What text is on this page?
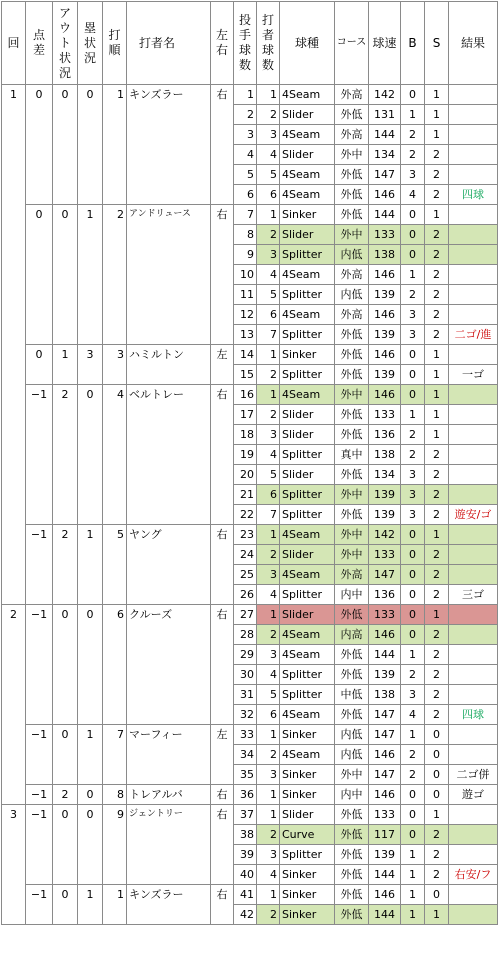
回	点差	アウト状況	塁状況	打順	打者名	左右	投手球数	打者球数	球種	コース	球速	B	S	結果
1	0	0	0	1	キンズラー	右	1	1	4Seam	外高	142	0	1	
							2	2	Slider	外低	131	1	1	
							3	3	4Seam	外高	144	2	1	
							4	4	Slider	外中	134	2	2	
							5	5	4Seam	外低	147	3	2	
							6	6	4Seam	外低	146	4	2	四球
	0	0	1	2	アンドリュース	右	7	1	Sinker	外低	144	0	1	
							8	2	Slider	外中	133	0	2	
							9	3	Splitter	内低	138	0	2	
							10	4	4Seam	外高	146	1	2	
							11	5	Splitter	内低	139	2	2	
							12	6	4Seam	外高	146	3	2	
							13	7	Splitter	外低	139	3	2	二ゴ/進
	0	1	3	3	ハミルトン	左	14	1	Sinker	外低	146	0	1	
							15	2	Splitter	外低	139	0	1	一ゴ
	−1	2	0	4	ベルトレー	右	16	1	4Seam	外中	146	0	1	
							17	2	Slider	外低	133	1	1	
							18	3	Slider	外低	136	2	1	
							19	4	Splitter	真中	138	2	2	
							20	5	Slider	外低	134	3	2	
							21	6	Splitter	外中	139	3	2	
							22	7	Splitter	外低	139	3	2	遊安/ゴ
	−1	2	1	5	ヤング	右	23	1	4Seam	外中	142	0	1	
							24	2	Slider	外中	133	0	2	
							25	3	4Seam	外高	147	0	2	
							26	4	Splitter	内中	136	0	2	三ゴ
2	−1	0	0	6	クルーズ	右	27	1	Slider	外低	133	0	1	
							28	2	4Seam	内高	146	0	2	
							29	3	4Seam	外低	144	1	2	
							30	4	Splitter	外低	139	2	2	
							31	5	Splitter	中低	138	3	2	
							32	6	4Seam	外低	147	4	2	四球
	−1	0	1	7	マーフィー	左	33	1	Sinker	内低	147	1	0	
							34	2	4Seam	内低	146	2	0	
							35	3	Sinker	外中	147	2	0	二ゴ併
	−1	2	0	8	トレアルバ	右	36	1	Sinker	内中	146	0	0	遊ゴ
3	−1	0	0	9	ジェントリー	右	37	1	Slider	外低	133	0	1	
							38	2	Curve	外低	117	0	2	
							39	3	Splitter	外低	139	1	2	
							40	4	Sinker	外低	144	1	2	右安/フ
	−1	0	1	1	キンズラー	右	41	1	Sinker	外低	146	1	0	
							42	2	Sinker	外低	144	1	1	
